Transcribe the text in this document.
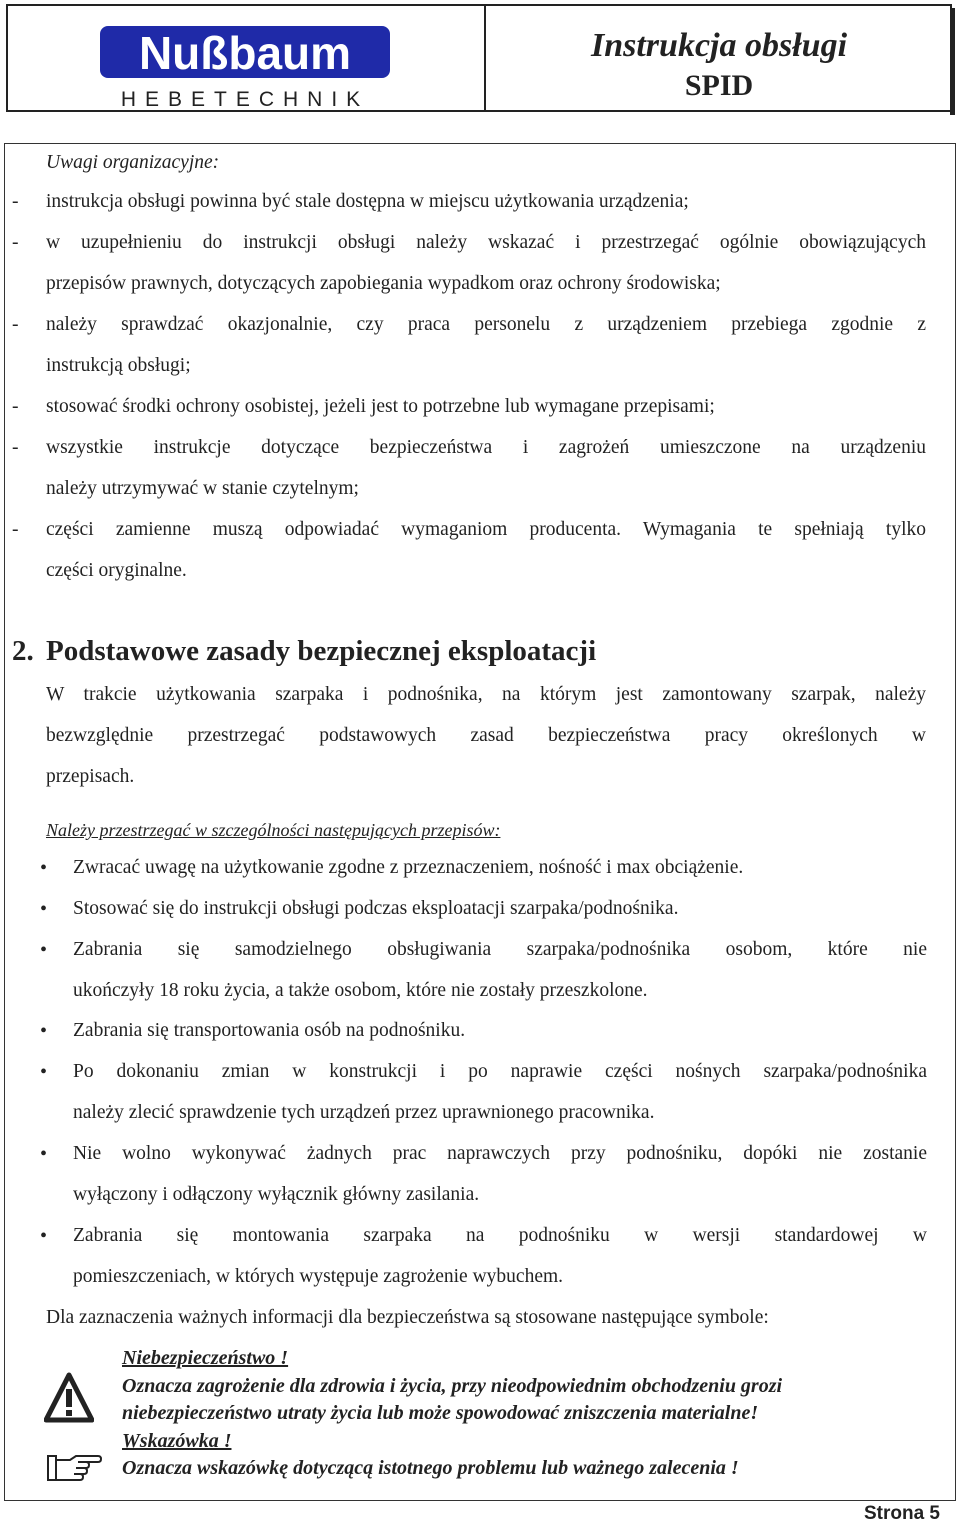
Nußbaum
HEBETECHNIK
Instrukcja obsługi
SPID
Uwagi organizacyjne:
- instrukcja obsługi powinna być stale dostępna w miejscu użytkowania urządzenia;
- w uzupełnieniu do instrukcji obsługi należy wskazać i przestrzegać ogólnie obowiązujących
przepisów prawnych, dotyczących zapobiegania wypadkom oraz ochrony środowiska;
- należy sprawdzać okazjonalnie, czy praca personelu z urządzeniem przebiega zgodnie z
instrukcją obsługi;
- stosować środki ochrony osobistej, jeżeli jest to potrzebne lub wymagane przepisami;
- wszystkie instrukcje dotyczące bezpieczeństwa i zagrożeń umieszczone na urządzeniu
należy utrzymywać w stanie czytelnym;
- części zamienne muszą odpowiadać wymaganiom producenta. Wymagania te spełniają tylko
części oryginalne.
2. Podstawowe zasady bezpiecznej eksploatacji
W trakcie użytkowania szarpaka i podnośnika, na którym jest zamontowany szarpak, należy
bezwzględnie przestrzegać podstawowych zasad bezpieczeństwa pracy określonych w
przepisach.
Należy przestrzegać w szczególności następujących przepisów:
• Zwracać uwagę na użytkowanie zgodne z przeznaczeniem, nośność i max obciążenie.
• Stosować się do instrukcji obsługi podczas eksploatacji szarpaka/podnośnika.
• Zabrania się samodzielnego obsługiwania szarpaka/podnośnika osobom, które nie
ukończyły 18 roku życia, a także osobom, które nie zostały przeszkolone.
• Zabrania się transportowania osób na podnośniku.
• Po dokonaniu zmian w konstrukcji i po naprawie części nośnych szarpaka/podnośnika
należy zlecić sprawdzenie tych urządzeń przez uprawnionego pracownika.
• Nie wolno wykonywać żadnych prac naprawczych przy podnośniku, dopóki nie zostanie
wyłączony i odłączony wyłącznik główny zasilania.
• Zabrania się montowania szarpaka na podnośniku w wersji standardowej w
pomieszczeniach, w których występuje zagrożenie wybuchem.
Dla zaznaczenia ważnych informacji dla bezpieczeństwa są stosowane następujące symbole:
Niebezpieczeństwo !
Oznacza zagrożenie dla zdrowia i życia, przy nieodpowiednim obchodzeniu grozi
niebezpieczeństwo utraty życia lub może spowodować zniszczenia materialne!
Wskazówka !
Oznacza wskazówkę dotyczącą istotnego problemu lub ważnego zalecenia !
Strona 5
